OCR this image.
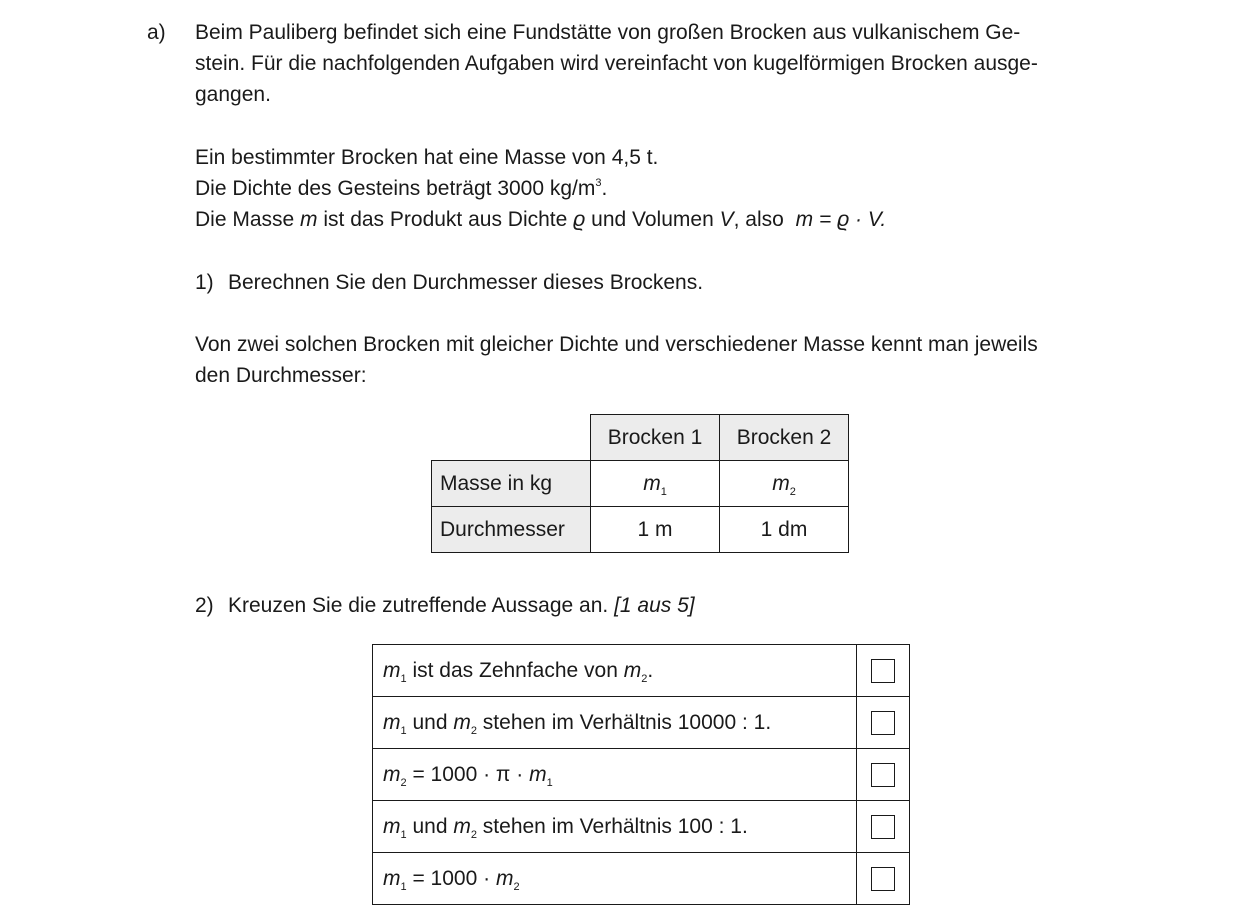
a) Beim Pauliberg befindet sich eine Fundstätte von großen Brocken aus vulkanischem Ge-
stein. Für die nachfolgenden Aufgaben wird vereinfacht von kugelförmigen Brocken ausge-
gangen.
Ein bestimmter Brocken hat eine Masse von 4,5 t.
Die Dichte des Gesteins beträgt 3000 $kg/m^3$.
Die Masse m ist das Produkt aus Dichte ϱ und Volumen V, also m = ϱ · V.
1) Berechnen Sie den Durchmesser dieses Brockens.
Von zwei solchen Brocken mit gleicher Dichte und verschiedener Masse kennt man jeweils
den Durchmesser:
	Brocken 1	Brocken 2
Masse in kg	$m_1$	$m_2$
Durchmesser	1 m	1 dm
2) Kreuzen Sie die zutreffende Aussage an. [1 aus 5]
$m_1$ ist das Zehnfache von $m_2$.	
$m_1$ und $m_2$ stehen im Verhältnis 10000 : 1.	
$m_2 = 1000 \cdot \pi \cdot m_1$	
$m_1$ und $m_2$ stehen im Verhältnis 100 : 1.	
$m_1 = 1000 \cdot m_2$	
